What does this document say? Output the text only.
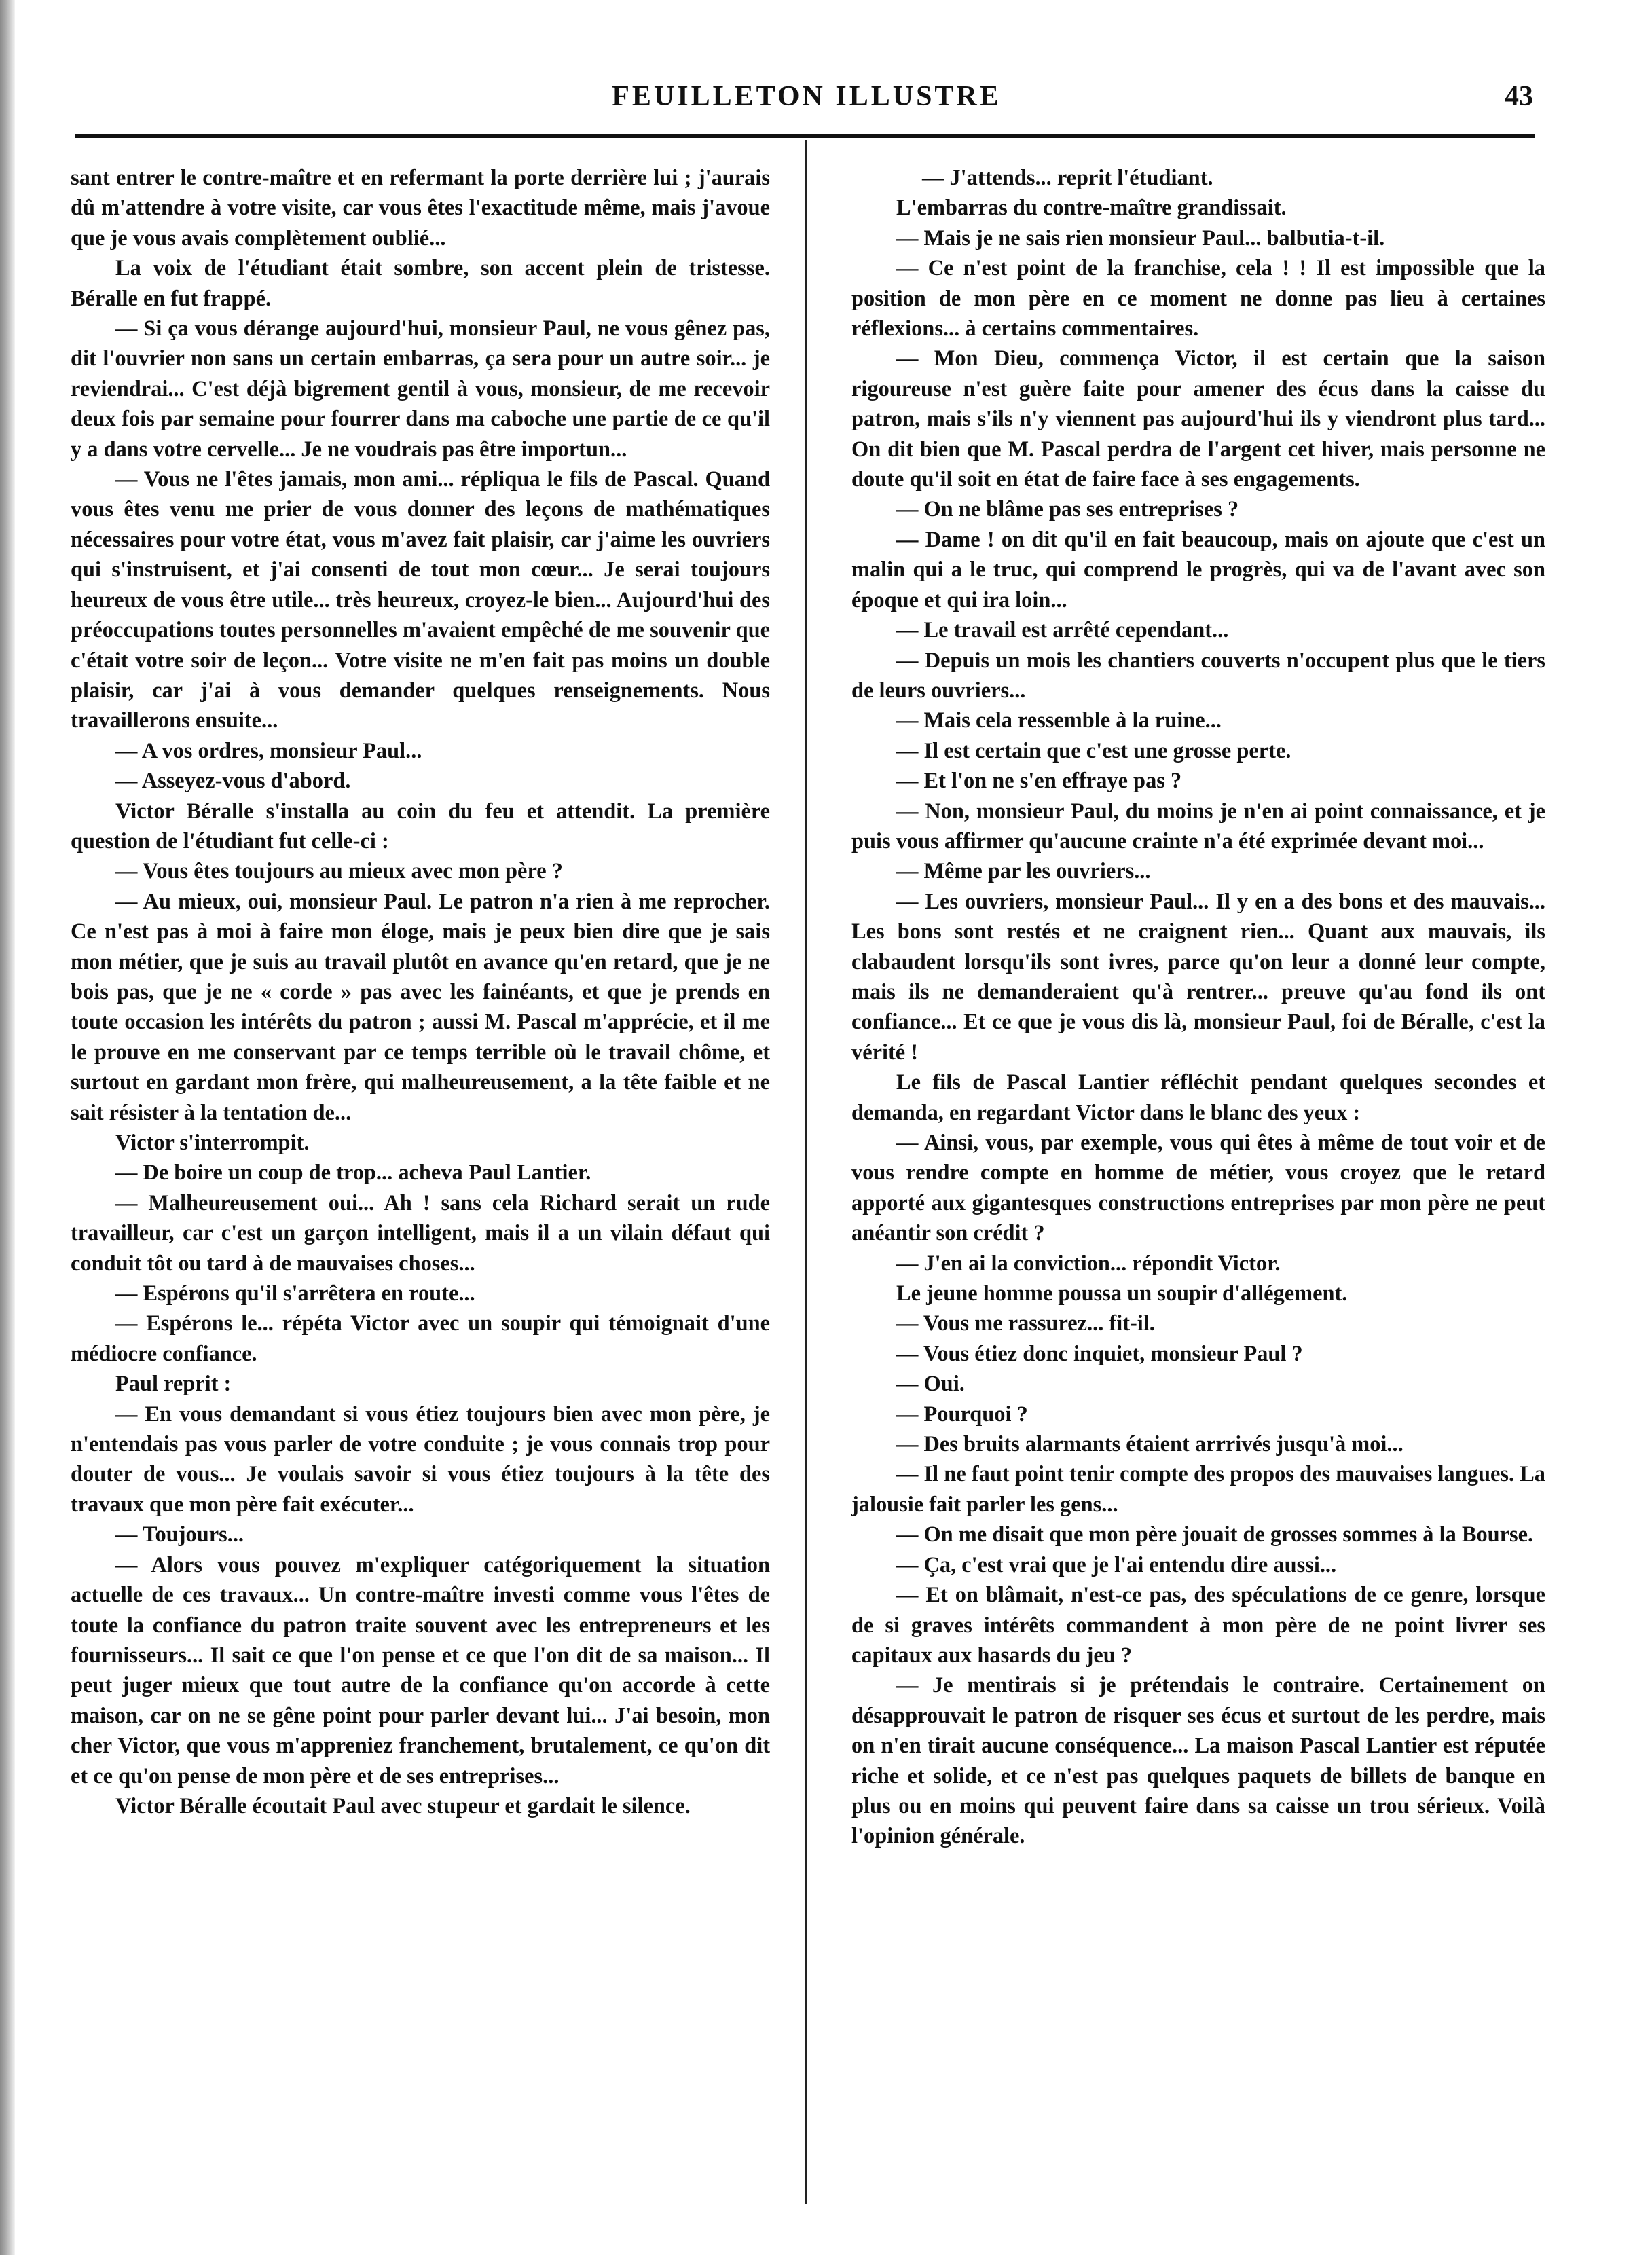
FEUILLETON ILLUSTRE	43

sant entrer le contre-maître et en refermant la porte derrière lui ; j'aurais dû m'attendre à votre visite, car vous êtes l'exactitude même, mais j'avoue que je vous avais complètement oublié...

La voix de l'étudiant était sombre, son accent plein de tristesse. Béralle en fut frappé.

— Si ça vous dérange aujourd'hui, monsieur Paul, ne vous gênez pas, dit l'ouvrier non sans un certain embarras, ça sera pour un autre soir... je reviendrai... C'est déjà bigrement gentil à vous, monsieur, de me recevoir deux fois par semaine pour fourrer dans ma caboche une partie de ce qu'il y a dans votre cervelle... Je ne voudrais pas être importun...

— Vous ne l'êtes jamais, mon ami... répliqua le fils de Pascal. Quand vous êtes venu me prier de vous donner des leçons de mathématiques nécessaires pour votre état, vous m'avez fait plaisir, car j'aime les ouvriers qui s'instruisent, et j'ai consenti de tout mon cœur... Je serai toujours heureux de vous être utile... très heureux, croyez-le bien... Aujourd'hui des préoccupations toutes personnelles m'avaient empêché de me souvenir que c'était votre soir de leçon... Votre visite ne m'en fait pas moins un double plaisir, car j'ai à vous demander quelques renseignements. Nous travaillerons ensuite...

— A vos ordres, monsieur Paul...

— Asseyez-vous d'abord.

Victor Béralle s'installa au coin du feu et attendit. La première question de l'étudiant fut celle-ci :

— Vous êtes toujours au mieux avec mon père ?

— Au mieux, oui, monsieur Paul. Le patron n'a rien à me reprocher. Ce n'est pas à moi à faire mon éloge, mais je peux bien dire que je sais mon métier, que je suis au travail plutôt en avance qu'en retard, que je ne bois pas, que je ne « corde » pas avec les fainéants, et que je prends en toute occasion les intérêts du patron ; aussi M. Pascal m'apprécie, et il me le prouve en me conservant par ce temps terrible où le travail chôme, et surtout en gardant mon frère, qui malheureusement, a la tête faible et ne sait résister à la tentation de...

Victor s'interrompit.

— De boire un coup de trop... acheva Paul Lantier.

— Malheureusement oui... Ah ! sans cela Richard serait un rude travailleur, car c'est un garçon intelligent, mais il a un vilain défaut qui conduit tôt ou tard à de mauvaises choses...

— Espérons qu'il s'arrêtera en route...

— Espérons le... répéta Victor avec un soupir qui témoignait d'une médiocre confiance.

Paul reprit :

— En vous demandant si vous étiez toujours bien avec mon père, je n'entendais pas vous parler de votre conduite ; je vous connais trop pour douter de vous... Je voulais savoir si vous étiez toujours à la tête des travaux que mon père fait exécuter...

— Toujours...

— Alors vous pouvez m'expliquer catégoriquement la situation actuelle de ces travaux... Un contre-maître investi comme vous l'êtes de toute la confiance du patron traite souvent avec les entrepreneurs et les fournisseurs... Il sait ce que l'on pense et ce que l'on dit de sa maison... Il peut juger mieux que tout autre de la confiance qu'on accorde à cette maison, car on ne se gêne point pour parler devant lui... J'ai besoin, mon cher Victor, que vous m'appreniez franchement, brutalement, ce qu'on dit et ce qu'on pense de mon père et de ses entreprises...

Victor Béralle écoutait Paul avec stupeur et gardait le silence.

— J'attends... reprit l'étudiant.

L'embarras du contre-maître grandissait.

— Mais je ne sais rien monsieur Paul... balbutia-t-il.

— Ce n'est point de la franchise, cela ! ! Il est impossible que la position de mon père en ce moment ne donne pas lieu à certaines réflexions... à certains commentaires.

— Mon Dieu, commença Victor, il est certain que la saison rigoureuse n'est guère faite pour amener des écus dans la caisse du patron, mais s'ils n'y viennent pas aujourd'hui ils y viendront plus tard... On dit bien que M. Pascal perdra de l'argent cet hiver, mais personne ne doute qu'il soit en état de faire face à ses engagements.

— On ne blâme pas ses entreprises ?

— Dame ! on dit qu'il en fait beaucoup, mais on ajoute que c'est un malin qui a le truc, qui comprend le progrès, qui va de l'avant avec son époque et qui ira loin...

— Le travail est arrêté cependant...

— Depuis un mois les chantiers couverts n'occupent plus que le tiers de leurs ouvriers...

— Mais cela ressemble à la ruine...

— Il est certain que c'est une grosse perte.

— Et l'on ne s'en effraye pas ?

— Non, monsieur Paul, du moins je n'en ai point connaissance, et je puis vous affirmer qu'aucune crainte n'a été exprimée devant moi...

— Même par les ouvriers...

— Les ouvriers, monsieur Paul... Il y en a des bons et des mauvais... Les bons sont restés et ne craignent rien... Quant aux mauvais, ils clabaudent lorsqu'ils sont ivres, parce qu'on leur a donné leur compte, mais ils ne demanderaient qu'à rentrer... preuve qu'au fond ils ont confiance... Et ce que je vous dis là, monsieur Paul, foi de Béralle, c'est la vérité !

Le fils de Pascal Lantier réfléchit pendant quelques secondes et demanda, en regardant Victor dans le blanc des yeux :

— Ainsi, vous, par exemple, vous qui êtes à même de tout voir et de vous rendre compte en homme de métier, vous croyez que le retard apporté aux gigantesques constructions entreprises par mon père ne peut anéantir son crédit ?

— J'en ai la conviction... répondit Victor.

Le jeune homme poussa un soupir d'allégement.

— Vous me rassurez... fit-il.

— Vous étiez donc inquiet, monsieur Paul ?

— Oui.

— Pourquoi ?

— Des bruits alarmants étaient arrrivés jusqu'à moi...

— Il ne faut point tenir compte des propos des mauvaises langues. La jalousie fait parler les gens...

— On me disait que mon père jouait de grosses sommes à la Bourse.

— Ça, c'est vrai que je l'ai entendu dire aussi...

— Et on blâmait, n'est-ce pas, des spéculations de ce genre, lorsque de si graves intérêts commandent à mon père de ne point livrer ses capitaux aux hasards du jeu ?

— Je mentirais si je prétendais le contraire. Certainement on désapprouvait le patron de risquer ses écus et surtout de les perdre, mais on n'en tirait aucune conséquence... La maison Pascal Lantier est réputée riche et solide, et ce n'est pas quelques paquets de billets de banque en plus ou en moins qui peuvent faire dans sa caisse un trou sérieux. Voilà l'opinion générale.
